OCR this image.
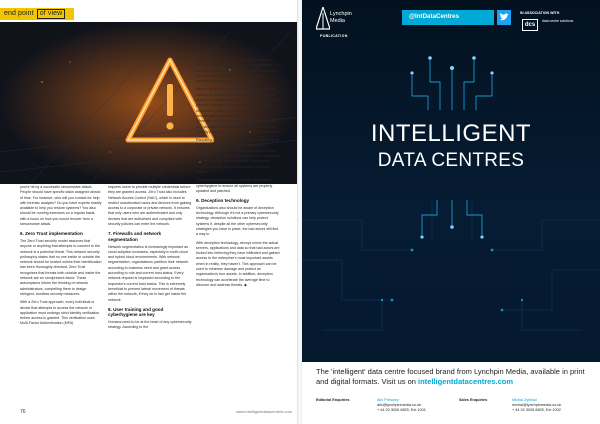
end point of view

you're hit by a successful ransomware attack. People should have specific tasks assigned ahead of time. For instance, who will you contact for help with forensic analysis? Do you have experts readily available to help you restore systems? You also should be running exercises on a regular basis, with a focus on how you would recover from a ransomware attack.

6. Zero Trust implementation

The Zero Trust security model assumes that anyone or anything that attempts to connect to the network is a potential threat. This network security philosophy states that no one inside or outside the network should be trusted unless their identification has been thoroughly checked. Zero Trust recognises that threats both outside and inside the network are an omnipresent factor. These assumptions inform the thinking of network administrators, compelling them to design stringent, trustless security measures.

With a Zero Trust approach, every individual or device that attempts to access the network or application must undergo strict identity verification before access is granted. This verification uses Multi-Factor Authentication (MFA)

requires users to provide multiple credentials before they are granted access. Zero Trust also includes Network Access Control (NAC), which is used to restrict unauthorised users and devices from gaining access to a corporate or private network. It ensures that only users who are authenticated and only devices that are authorised and compliant with security policies can enter the network.

7. Firewalls and network segmentation

Network segmentation is increasingly important as cloud adoption increases, especially in multi-cloud and hybrid cloud environments. With network segmentation, organisations partition their network according to business need and grant access according to role and current trust status. Every network request is inspected according to the requestor's current trust status. This is extremely beneficial to prevent lateral movement of threats within the network, if they do in fact get inside the network.

8. User training and good cyberhygiene are key

Humans need to be at the heart of any cybersecurity strategy. According to the

2021 Verizon Data Breach Investigations Report, 85% of data breaches involve human interaction. You can have all the security solutions in the world, but if you've overlooked training your employees in cybersecurity, you'll never be truly secure.

Make sure all your employees receive substantial training on spotting and reporting suspicious cyber activity, maintaining cyberhygiene and securing their personal devices and home networks. Employees should take training when they are hired and periodically throughout their tenure, so the information stays current and top of mind. Training also should be kept updated and include any new security protocols that may need to be implemented.

Educating individuals, especially remote workers, on how to maintain cyber distance, stay wary of suspicious requests and implement basic security tools and protocols can help critically build a baseline of defence at the most vulnerable edge of their network and help keep critical digital resources secure.

Organisations also need to practice good basic cyberhygiene to ensure all systems are properly updated and patched.

9. Deception technology

Organisations also should be aware of deception technology. Although it's not a primary cybersecurity strategy, deception solutions can help protect systems if, despite all the other cybersecurity strategies you have in place, the bad actors still find a way in.

With deception technology, decoys mimic the actual servers, applications and data so that bad actors are tricked into believing they have infiltrated and gained access to the enterprise's most important assets when in reality, they haven't. This approach can be used to minimise damage and protect an organisation's true assets. In addition, deception technology can accelerate the average time to discover and address threats. ◆

76	www.intelligentdatacentres.com
Lynchpin
Media
PUBLICATION
@IntDataCentres	IN ASSOCIATION WITH
dcs
data centre solutions
INTELLIGENT
DATA CENTRES
The 'intelligent' data centre focused brand from Lynchpin Media, available in print and digital formats. Visit us on intelligentdatacentres.com
Editorial Enquiries	Alix Pressley
alix@lynchpinmedia.co.uk
+ 44 20 3026 6825, Ext 1001
Sales Enquiries	Michal Zylinski
michal@lynchpinmedia.co.uk
+ 44 20 3026 6825, Ext 1002
